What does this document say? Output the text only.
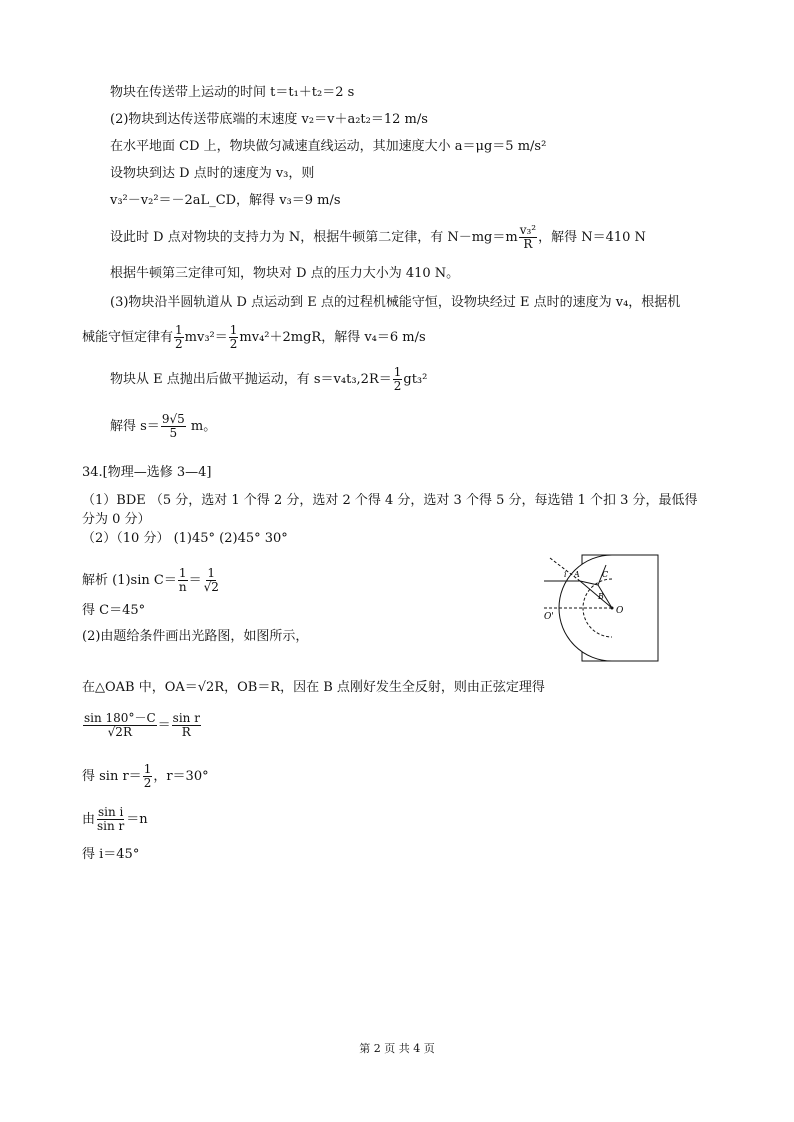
物块在传送带上运动的时间 t＝t₁＋t₂＝2 s
(2)物块到达传送带底端的末速度 v₂＝v＋a₂t₂＝12 m/s
在水平地面 CD 上，物块做匀减速直线运动，其加速度大小 a＝μg＝5 m/s²
设物块到达 D 点时的速度为 v₃，则
v₃²－v₂²＝－2aL_CD，解得 v₃＝9 m/s
设此时 D 点对物块的支持力为 N，根据牛顿第二定律，有 $N-mg=m \frac{\text{v₃²}}{R}$ ，解得 N＝410 N
根据牛顿第三定律可知，物块对 D 点的压力大小为 410 N。
(3)物块沿半圆轨道从 D 点运动到 E 点的过程机械能守恒，设物块经过 E 点时的速度为 v₄，根据机
械能守恒定律有 $\frac{1}{2} mv_3^2= \frac{1}{2} mv_4^2+2mgR$，解得 v₄＝6 m/s
物块从 E 点抛出后做平抛运动，有 $s=v_4t_3,2R= \frac{1}{2} gt_3^2$
解得 $s= \frac{9√5}{5}$ m。
34.[物理—选修 3—4]
（1）BDE （5 分，选对 1 个得 2 分，选对 2 个得 4 分，选对 3 个得 5 分，每选错 1 个扣 3 分，最低得
分为 0 分）
（2）（10 分） (1)45° (2)45° 30°
解析 (1)sin $C= \frac{1}{n} = \frac{1}{√2}$
得 C＝45°
(2)由题给条件画出光路图，如图所示，
在△OAB 中，OA＝√2R，OB＝R，因在 B 点刚好发生全反射，则由正弦定理得
$\frac{\sin 180^\circ-C}{√2R} = \frac{\text{sin r}}{R}$
得 $\sin r= \frac{1}{2}$ ，r＝30°
由 $\frac{\text{sin i}}{\text{sin r}} =n$
得 i＝45°
i A
B
C
O'
O
第 2 页 共 4 页
